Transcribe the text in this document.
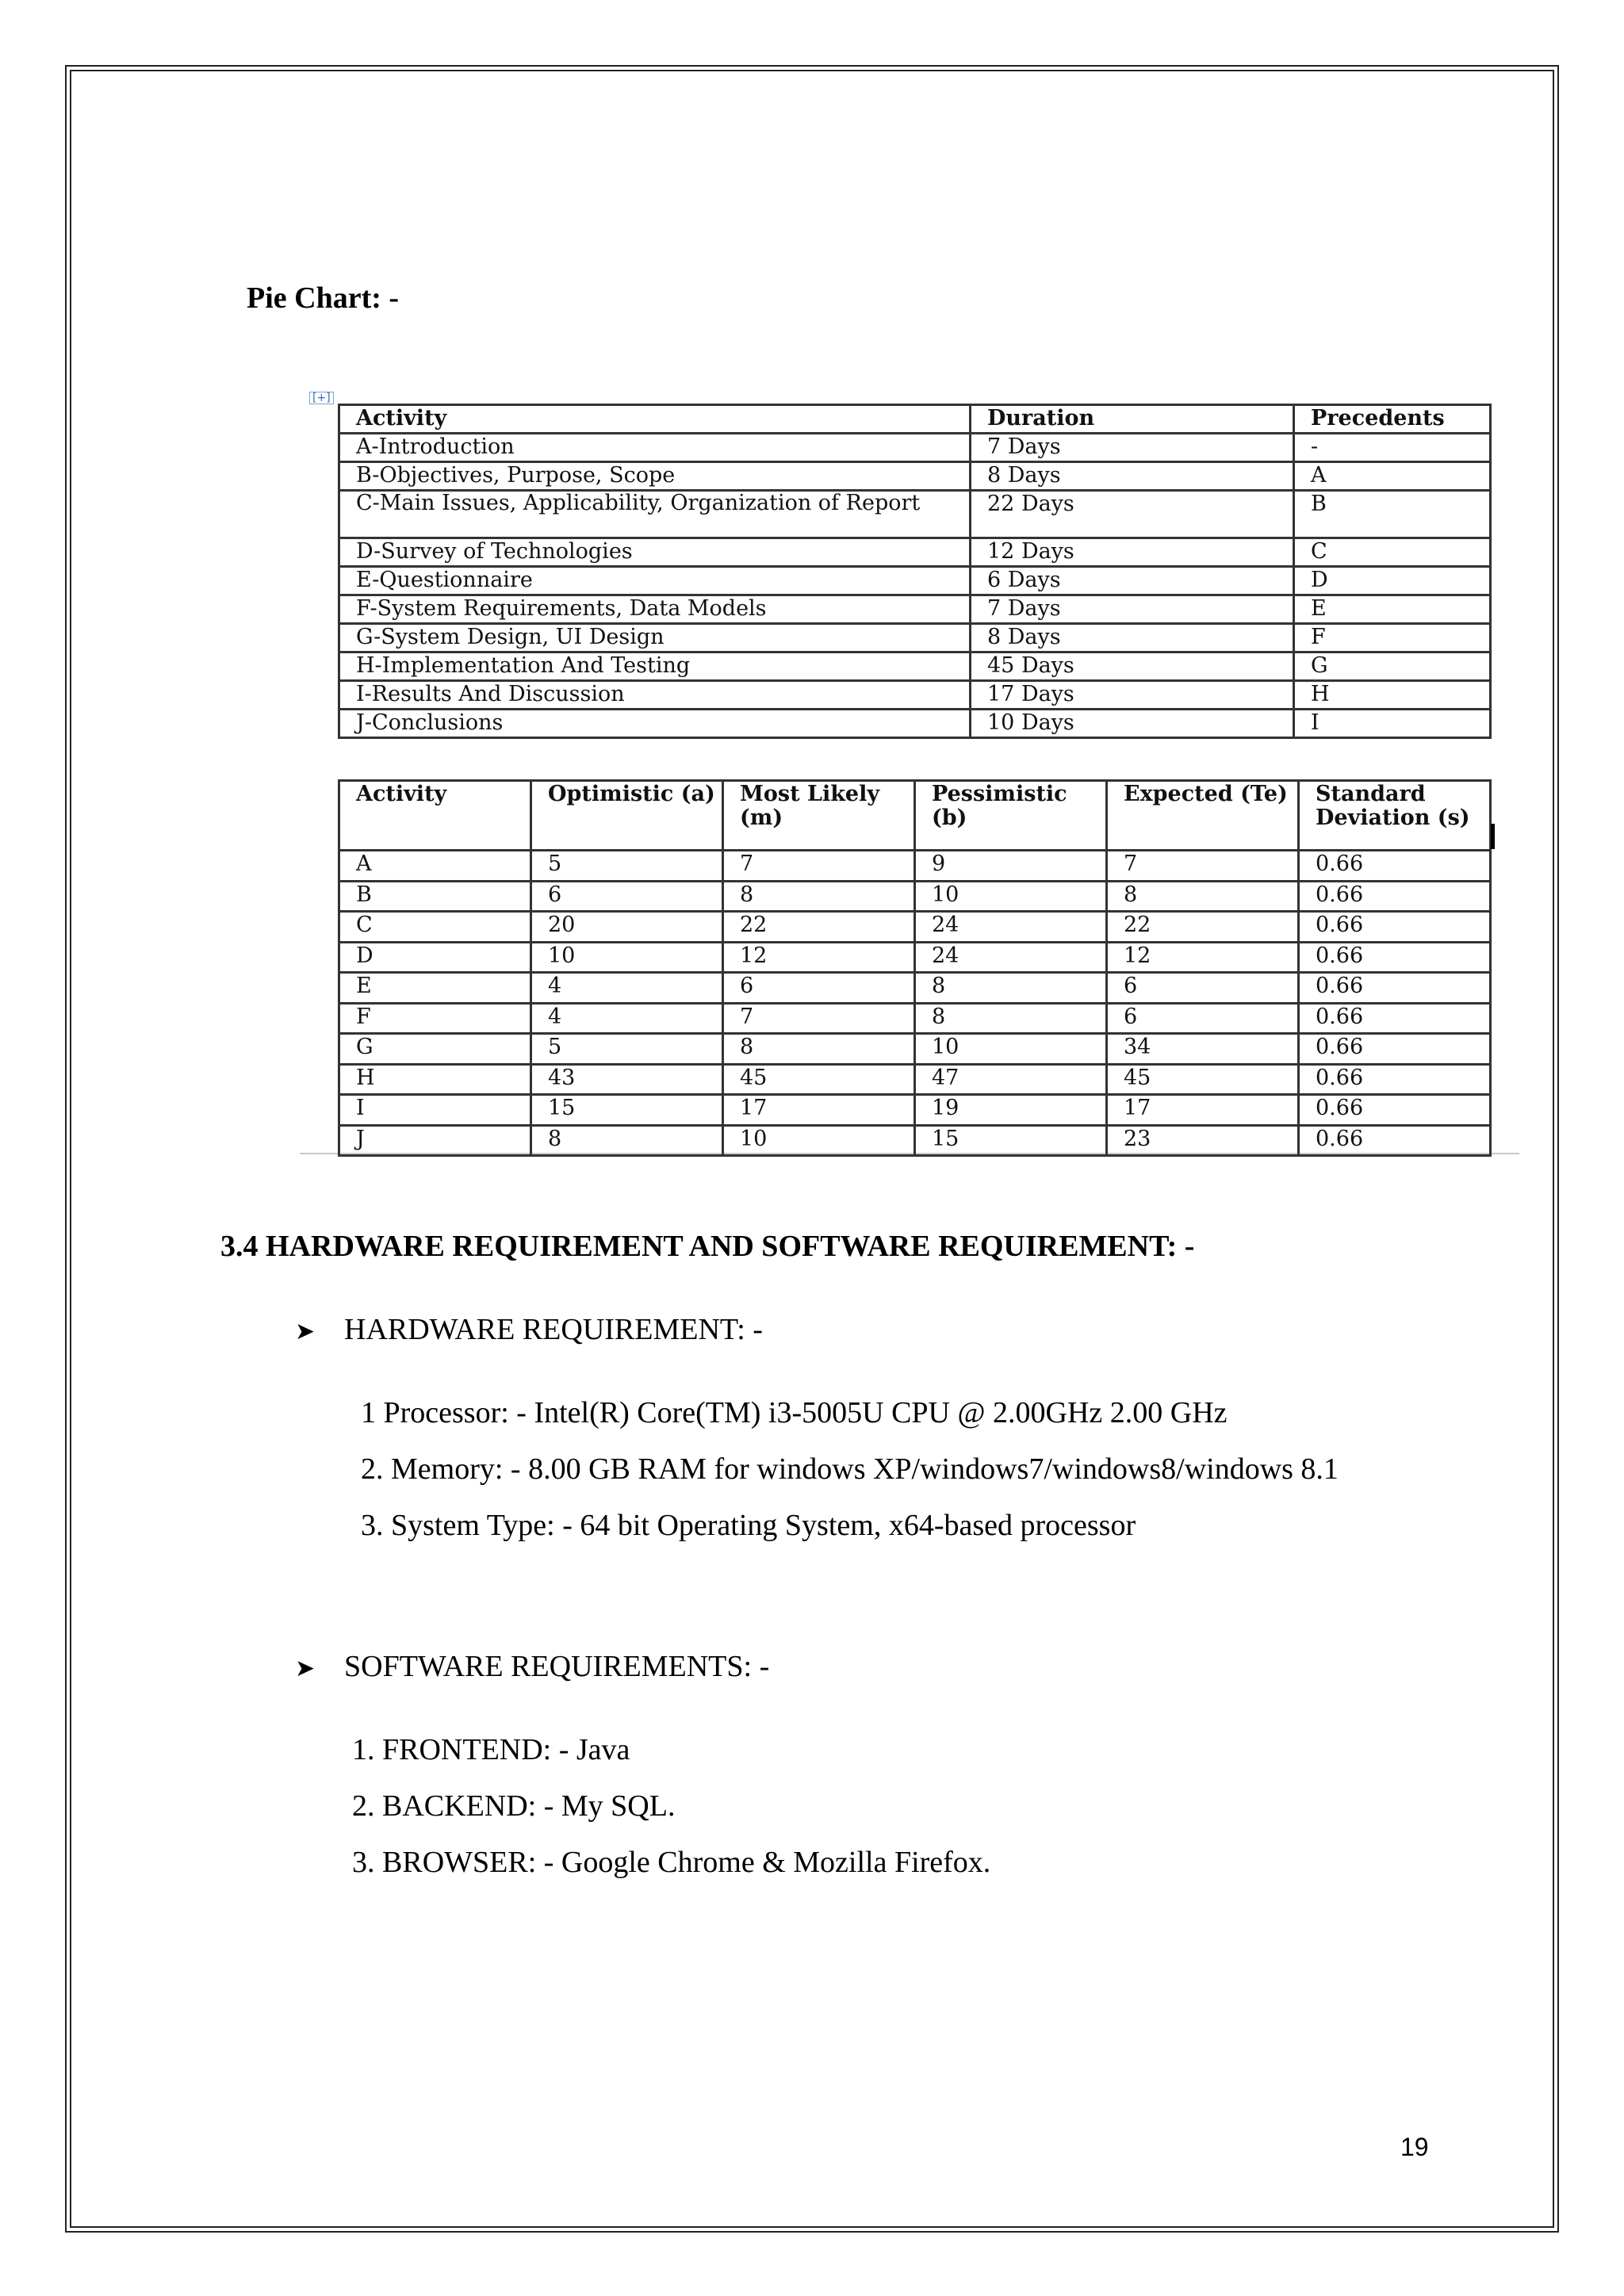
Pie Chart: -
[+]
Activity	Duration	Precedents
A-Introduction	7 Days	-
B-Objectives, Purpose, Scope	8 Days	A
C-Main Issues, Applicability, Organization of Report	22 Days	B
D-Survey of Technologies	12 Days	C
E-Questionnaire	6 Days	D
F-System Requirements, Data Models	7 Days	E
G-System Design, UI Design	8 Days	F
H-Implementation And Testing	45 Days	G
I-Results And Discussion	17 Days	H
J-Conclusions	10 Days	I
Activity	Optimistic (a)	Most Likely (m)	Pessimistic (b)	Expected (Te)	Standard Deviation (s)
A	5	7	9	7	0.66
B	6	8	10	8	0.66
C	20	22	24	22	0.66
D	10	12	24	12	0.66
E	4	6	8	6	0.66
F	4	7	8	6	0.66
G	5	8	10	34	0.66
H	43	45	47	45	0.66
I	15	17	19	17	0.66
J	8	10	15	23	0.66
3.4 HARDWARE REQUIREMENT AND SOFTWARE REQUIREMENT: -
➤ HARDWARE REQUIREMENT: -
1 Processor: - Intel(R) Core(TM) i3-5005U CPU @ 2.00GHz 2.00 GHz
2. Memory: - 8.00 GB RAM for windows XP/windows7/windows8/windows 8.1
3. System Type: - 64 bit Operating System, x64-based processor
➤ SOFTWARE REQUIREMENTS: -
1. FRONTEND: - Java
2. BACKEND: - My SQL.
3. BROWSER: - Google Chrome & Mozilla Firefox.
19
